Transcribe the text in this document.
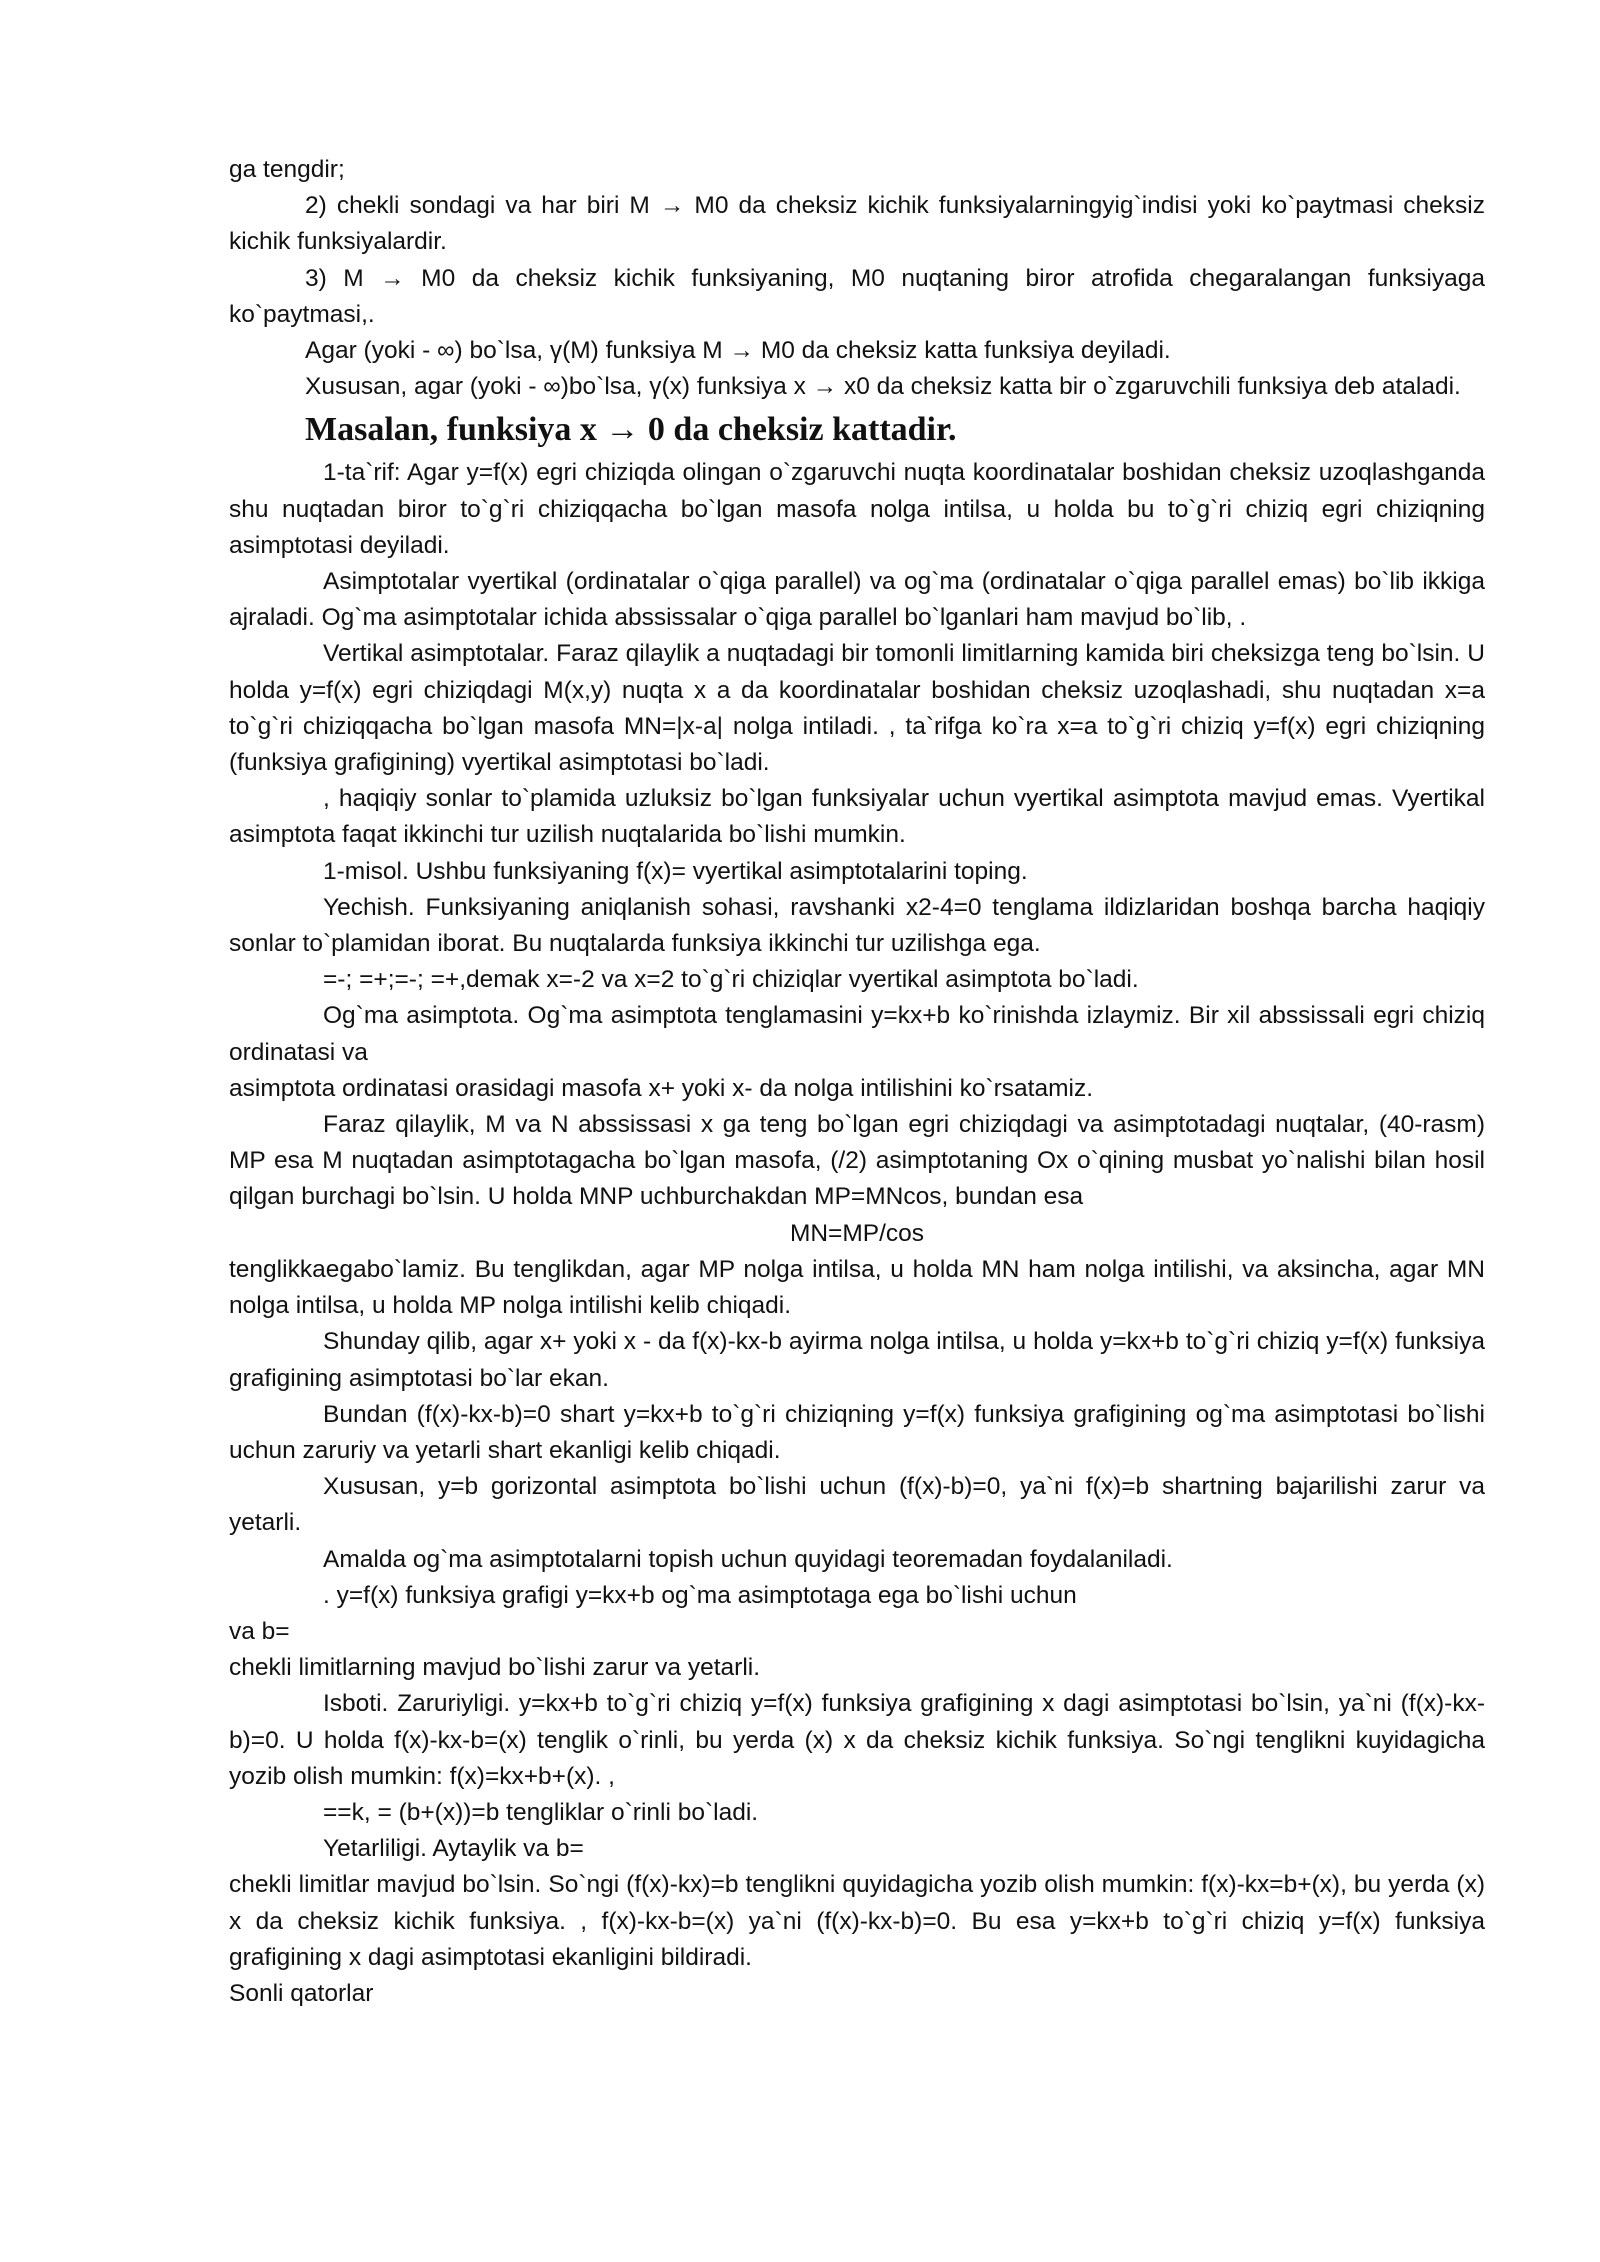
ga tengdir;

2) chekli sondagi va har biri M → M0 da cheksiz kichik funksiyalarningyig`indisi yoki ko`paytmasi cheksiz kichik funksiyalardir.

3) M → M0 da cheksiz kichik funksiyaning, M0 nuqtaning biror atrofida chegaralangan funksiyaga ko`paytmasi,.

Agar (yoki - ∞) bo`lsa, γ(M) funksiya M → M0 da cheksiz katta funksiya deyiladi.

Xususan, agar (yoki - ∞)bo`lsa, γ(x) funksiya x → x0 da cheksiz katta bir o`zgaruvchili funksiya deb ataladi.

Masalan, funksiya x → 0 da cheksiz kattadir.

1-ta`rif: Agar y=f(x) egri chiziqda olingan o`zgaruvchi nuqta koordinatalar boshidan cheksiz uzoqlashganda shu nuqtadan biror to`g`ri chiziqqacha bo`lgan masofa nolga intilsa, u holda bu to`g`ri chiziq egri chiziqning asimptotasi deyiladi.

Asimptotalar vyertikal (ordinatalar o`qiga parallel) va og`ma (ordinatalar o`qiga parallel emas) bo`lib ikkiga ajraladi. Og`ma asimptotalar ichida abssissalar o`qiga parallel bo`lganlari ham mavjud bo`lib, .

Vertikal asimptotalar. Faraz qilaylik a nuqtadagi bir tomonli limitlarning kamida biri cheksizga teng bo`lsin. U holda y=f(x) egri chiziqdagi M(x,y) nuqta x a da koordinatalar boshidan cheksiz uzoqlashadi, shu nuqtadan x=a to`g`ri chiziqqacha bo`lgan masofa MN=|x-a| nolga intiladi. , ta`rifga ko`ra x=a to`g`ri chiziq y=f(x) egri chiziqning (funksiya grafigining) vyertikal asimptotasi bo`ladi.

, haqiqiy sonlar to`plamida uzluksiz bo`lgan funksiyalar uchun vyertikal asimptota mavjud emas. Vyertikal asimptota faqat ikkinchi tur uzilish nuqtalarida bo`lishi mumkin.

1-misol. Ushbu funksiyaning f(x)= vyertikal asimptotalarini toping.

Yechish. Funksiyaning aniqlanish sohasi, ravshanki x2-4=0 tenglama ildizlaridan boshqa barcha haqiqiy sonlar to`plamidan iborat. Bu nuqtalarda funksiya ikkinchi tur uzilishga ega.

=-; =+;=-; =+,demak x=-2 va x=2 to`g`ri chiziqlar vyertikal asimptota bo`ladi.

Og`ma asimptota. Og`ma asimptota tenglamasini y=kx+b ko`rinishda izlaymiz. Bir xil abssissali egri chiziq ordinatasi va

asimptota ordinatasi orasidagi masofa x+ yoki x- da nolga intilishini ko`rsatamiz.

Faraz qilaylik, M va N abssissasi x ga teng bo`lgan egri chiziqdagi va asimptotadagi nuqtalar, (40-rasm) MP esa M nuqtadan asimptotagacha bo`lgan masofa, (/2) asimptotaning Ox o`qining musbat yo`nalishi bilan hosil qilgan burchagi bo`lsin. U holda MNP uchburchakdan MP=MNcos, bundan esa

MN=MP/cos

tenglikkaegabo`lamiz. Bu tenglikdan, agar MP nolga intilsa, u holda MN ham nolga intilishi, va aksincha, agar MN nolga intilsa, u holda MP nolga intilishi kelib chiqadi.

Shunday qilib, agar x+ yoki x - da f(x)-kx-b ayirma nolga intilsa, u holda y=kx+b to`g`ri chiziq y=f(x) funksiya grafigining asimptotasi bo`lar ekan.

Bundan (f(x)-kx-b)=0 shart y=kx+b to`g`ri chiziqning y=f(x) funksiya grafigining og`ma asimptotasi bo`lishi uchun zaruriy va yetarli shart ekanligi kelib chiqadi.

Xususan, y=b gorizontal asimptota bo`lishi uchun (f(x)-b)=0, ya`ni f(x)=b shartning bajarilishi zarur va yetarli.

Amalda og`ma asimptotalarni topish uchun quyidagi teoremadan foydalaniladi.

. y=f(x) funksiya grafigi y=kx+b og`ma asimptotaga ega bo`lishi uchun

va b=

chekli limitlarning mavjud bo`lishi zarur va yetarli.

Isboti. Zaruriyligi. y=kx+b to`g`ri chiziq y=f(x) funksiya grafigining x dagi asimptotasi bo`lsin, ya`ni (f(x)-kx-b)=0. U holda f(x)-kx-b=(x) tenglik o`rinli, bu yerda (x) x da cheksiz kichik funksiya. So`ngi tenglikni kuyidagicha yozib olish mumkin: f(x)=kx+b+(x). ,

==k, = (b+(x))=b tengliklar o`rinli bo`ladi.

Yetarliligi. Aytaylik va b=

chekli limitlar mavjud bo`lsin. So`ngi (f(x)-kx)=b tenglikni quyidagicha yozib olish mumkin: f(x)-kx=b+(x), bu yerda (x) x da cheksiz kichik funksiya. , f(x)-kx-b=(x) ya`ni (f(x)-kx-b)=0. Bu esa y=kx+b to`g`ri chiziq y=f(x) funksiya grafigining x dagi asimptotasi ekanligini bildiradi.

Sonli qatorlar
